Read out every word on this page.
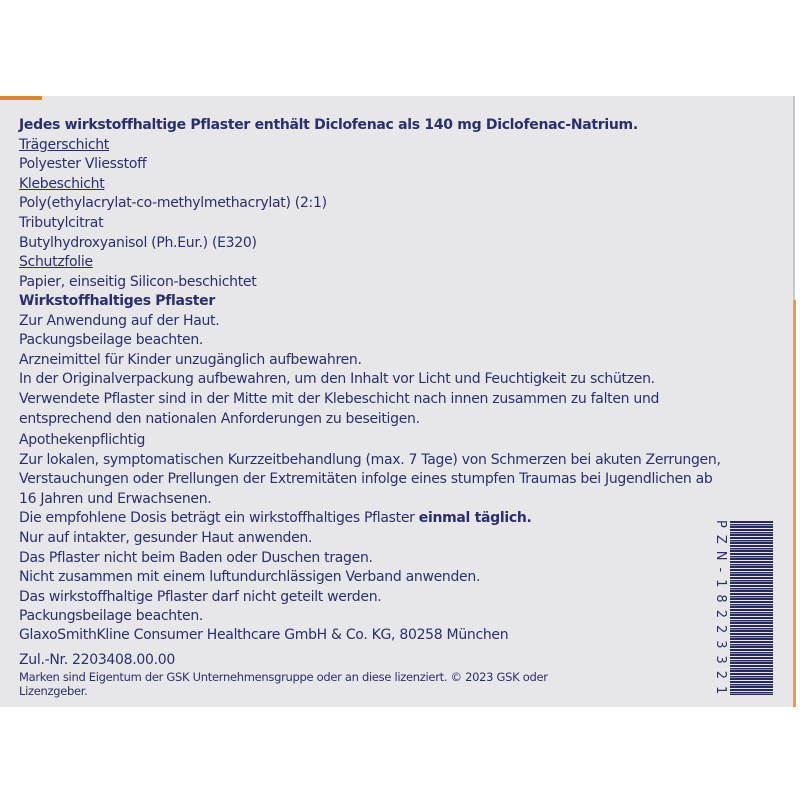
Jedes wirkstoffhaltige Pflaster enthält Diclofenac als 140 mg Diclofenac-Natrium.
Trägerschicht
Polyester Vliesstoff
Klebeschicht
Poly(ethylacrylat-co-methylmethacrylat) (2:1)
Tributylcitrat
Butylhydroxyanisol (Ph.Eur.) (E320)
Schutzfolie
Papier, einseitig Silicon-beschichtet
Wirkstoffhaltiges Pflaster
Zur Anwendung auf der Haut.
Packungsbeilage beachten.
Arzneimittel für Kinder unzugänglich aufbewahren.
In der Originalverpackung aufbewahren, um den Inhalt vor Licht und Feuchtigkeit zu schützen.
Verwendete Pflaster sind in der Mitte mit der Klebeschicht nach innen zusammen zu falten und
entsprechend den nationalen Anforderungen zu beseitigen.
Apothekenpflichtig
Zur lokalen, symptomatischen Kurzzeitbehandlung (max. 7 Tage) von Schmerzen bei akuten Zerrungen,
Verstauchungen oder Prellungen der Extremitäten infolge eines stumpfen Traumas bei Jugendlichen ab
16 Jahren und Erwachsenen.
Die empfohlene Dosis beträgt ein wirkstoffhaltiges Pflaster einmal täglich.
Nur auf intakter, gesunder Haut anwenden.
Das Pflaster nicht beim Baden oder Duschen tragen.
Nicht zusammen mit einem luftundurchlässigen Verband anwenden.
Das wirkstoffhaltige Pflaster darf nicht geteilt werden.
Packungsbeilage beachten.
GlaxoSmithKline Consumer Healthcare GmbH & Co. KG, 80258 München
Zul.-Nr. 2203408.00.00
Marken sind Eigentum der GSK Unternehmensgruppe oder an diese lizenziert. © 2023 GSK oder
Lizenzgeber.	PZN-18223321
